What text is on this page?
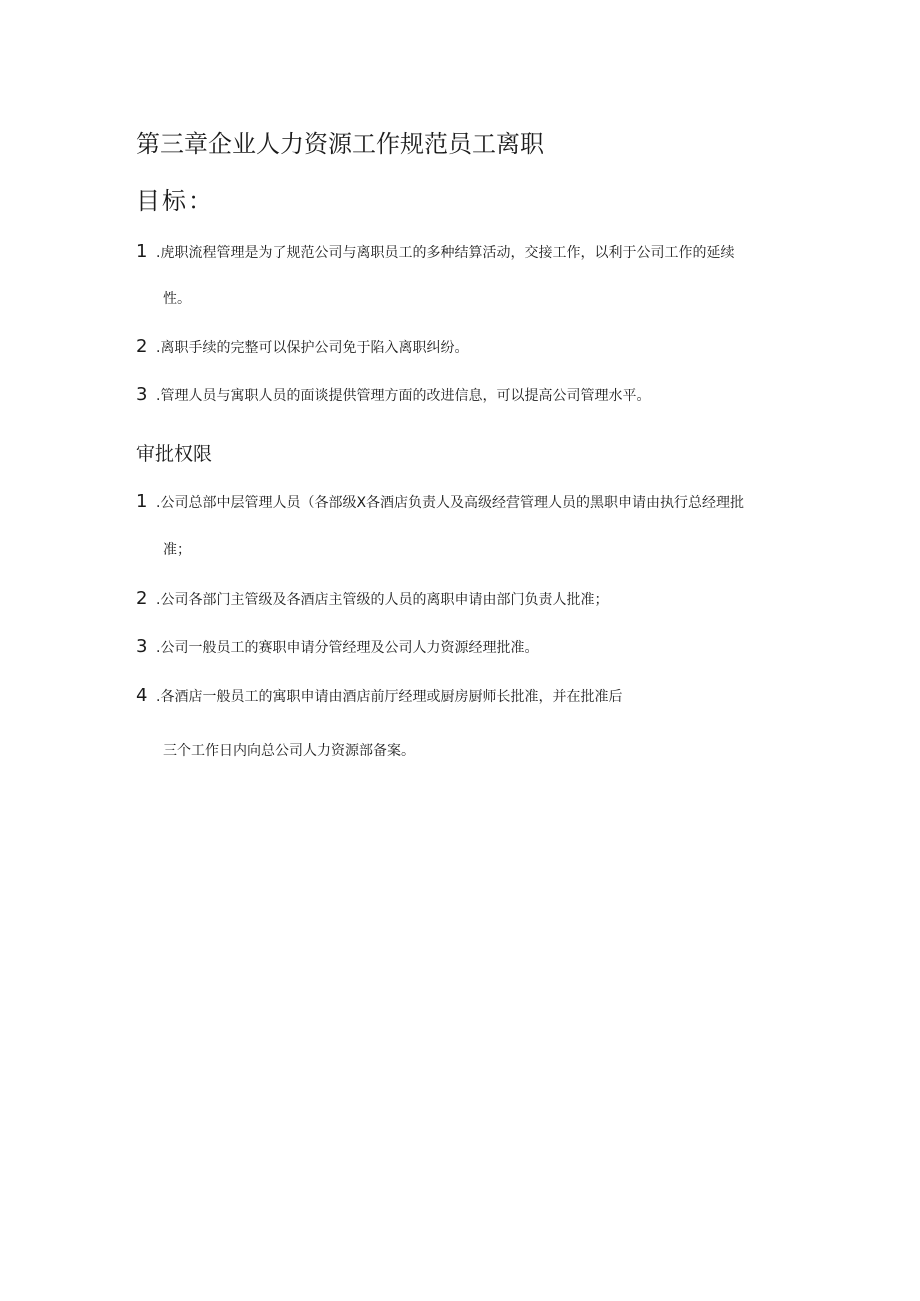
第三章企业人力资源工作规范员工离职
目标：
1 .虎职流程管理是为了规范公司与离职员工的多种结算活动，交接工作，以利于公司工作的延续
性。
2 .离职手续的完整可以保护公司免于陷入离职纠纷。
3 .管理人员与寓职人员的面谈提供管理方面的改进信息，可以提高公司管理水平。
审批权限
1 .公司总部中层管理人员（各部级X各酒店负责人及高级经营管理人员的黑职申请由执行总经理批
准；
2 .公司各部门主管级及各酒店主管级的人员的离职申请由部门负责人批准；
3 .公司一般员工的赛职申请分管经理及公司人力资源经理批准。
4 .各酒店一般员工的寓职申请由酒店前厅经理或厨房厨师长批准，并在批准后
三个工作日内向总公司人力资源部备案。
